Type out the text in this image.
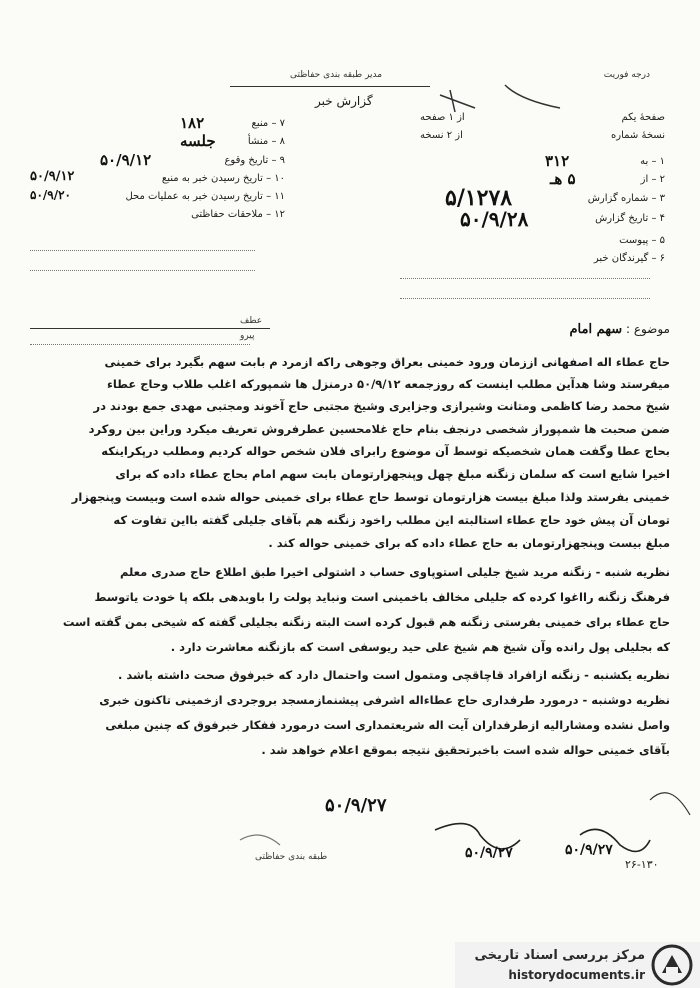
درجه فوریت
مدیر طبقه بندی حفاظتی
گزارش خبر
۷ – منبع
۱۸۲
۸ – منشأ
جلسه
۹ – تاریخ وقوع
۵۰/۹/۱۲
۱۰ – تاریخ رسیدن خبر به منبع
۵۰/۹/۱۲
۱۱ – تاریخ رسیدن خبر به عملیات محل
۵۰/۹/۲۰
۱۲ – ملاحقات حفاظتی
صفحهٔ یکم
از ۱ صفحه
نسخهٔ شماره
از ۲ نسخه
۱ – به
۳۱۲
۲ – از
۵ هـ
۳ – شماره گزارش
۵/۱۲۷۸
۴ – تاریخ گزارش
۵۰/۹/۲۸
۵ – پیوست
۶ – گیرندگان خبر
عطف
پیرو	موضوع : سهم امام
حاج عطاء اله اصفهانی اززمان ورود خمینی بعراق وجوهی راکه ازمرد م بابت سهم بگیرد برای خمینی
میفرستد وشا هدآین مطلب اینست که روزجمعه ۵۰/۹/۱۲ درمنزل ها شمپورکه اغلب طلاب وحاج عطاء
شیخ محمد رضا کاظمی ومتانت وشیرازی وجزایری وشیخ مجتبی حاج آخوند ومجتبی مهدی جمع بودند در
ضمن صحبت ها شمپوراز شخصی درنجف بنام حاج غلامحسین عطرفروش تعریف میکرد وراین بین روکرد
بحاج عطا وگفت همان شخصیکه توسط آن موضوع رابرای فلان شخص حواله کردیم ومطلب درپکراینکه
اخیرا شایع است که سلمان زنگنه مبلغ چهل وپنجهزارتومان بابت سهم امام بحاج عطاء داده که برای
خمینی بفرستد ولذا مبلغ بیست هزارتومان توسط حاج عطاء برای خمینی حواله شده است وبیست وپنجهزار
تومان آن پیش خود حاج عطاء استالبته این مطلب راخود زنگنه هم بآقای جلیلی گفته بااین تفاوت که
مبلغ بیست وپنجهزارتومان به حاج عطاء داده که برای خمینی حواله کند .
نظریه شنبه - زنگنه مرید شیخ جلیلی استوپاوی حساب د اشتولی اخیرا طبق اطلاع حاج صدری معلم
فرهنگ زنگنه رااغوا کرده که جلیلی مخالف باخمینی است ونباید پولت را باوبدهی بلکه پا خودت یاتوسط
حاج عطاء برای خمینی بفرستی زنگنه هم قبول کرده است البته زنگنه بجلیلی گفته که شیخی بمن گفته است
که بجلیلی پول رانده وآن شیخ هم شیخ علی حید ریوسفی است که بازنگنه معاشرت دارد .
نظریه یکشنبه - زنگنه ازافراد قاچاقچی ومتمول است واحتمال دارد که خبرفوق صحت داشته باشد .
نظریه دوشنبه - درمورد طرفداری حاج عطاءاله اشرفی پیشنمازمسجد بروجردی ازخمینی تاکنون خبری
واصل نشده ومشارالیه ازطرفداران آیت اله شریعتمداری است درمورد ففکار خبرفوق که چنین مبلغی
بآقای خمینی حواله شده است باخبرتحقیق نتیجه بموقع اعلام خواهد شد .
۵۰/۹/۲۷
۵۰/۹/۲۷	۵۰/۹/۲۷
۲۶-۱۳۰
طبقه بندی حفاظتی
مرکز بررسی اسناد تاریخی
historydocuments.ir
